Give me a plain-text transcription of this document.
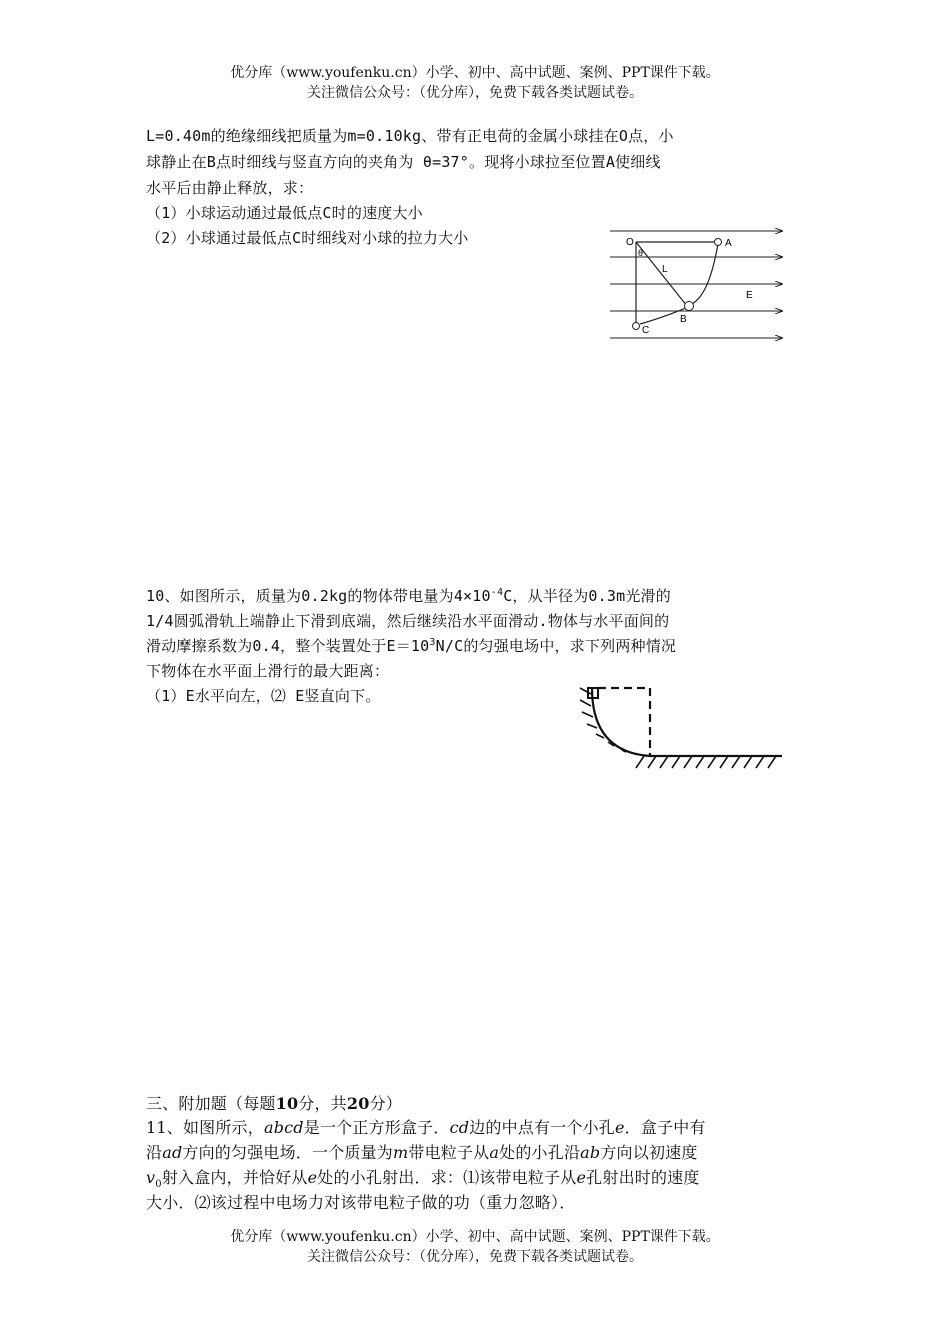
优分库（www.youfenku.cn）小学、初中、高中试题、案例、PPT课件下载。
关注微信公众号：（优分库），免费下载各类试题试卷。
L=0.40m的绝缘细线把质量为m=0.10kg、带有正电荷的金属小球挂在O点，小
球静止在B点时细线与竖直方向的夹角为 θ=37°。现将小球拉至位置A使细线
水平后由静止释放，求：
（1）小球运动通过最低点C时的速度大小
（2）小球通过最低点C时细线对小球的拉力大小	O	A
B
C
L
E
θ
10、如图所示，质量为0.2kg的物体带电量为$4\times 10^{-4}C$，从半径为0.3m光滑的
1/4圆弧滑轨上端静止下滑到底端，然后继续沿水平面滑动.物体与水平面间的
滑动摩擦系数为0.4，整个装置处于$E=10^3N/C$的匀强电场中，求下列两种情况
下物体在水平面上滑行的最大距离：
（1）E水平向左，⑵ E竖直向下。
三、附加题（每题10分，共20分）
11、如图所示，abcd是一个正方形盒子．cd边的中点有一个小孔e．盒子中有
沿ad方向的匀强电场．一个质量为m带电粒子从a处的小孔沿ab方向以初速度
$v_0$射入盒内，并恰好从e处的小孔射出．求：⑴该带电粒子从e孔射出时的速度
大小．⑵该过程中电场力对该带电粒子做的功（重力忽略）．
优分库（www.youfenku.cn）小学、初中、高中试题、案例、PPT课件下载。
关注微信公众号：（优分库），免费下载各类试题试卷。
